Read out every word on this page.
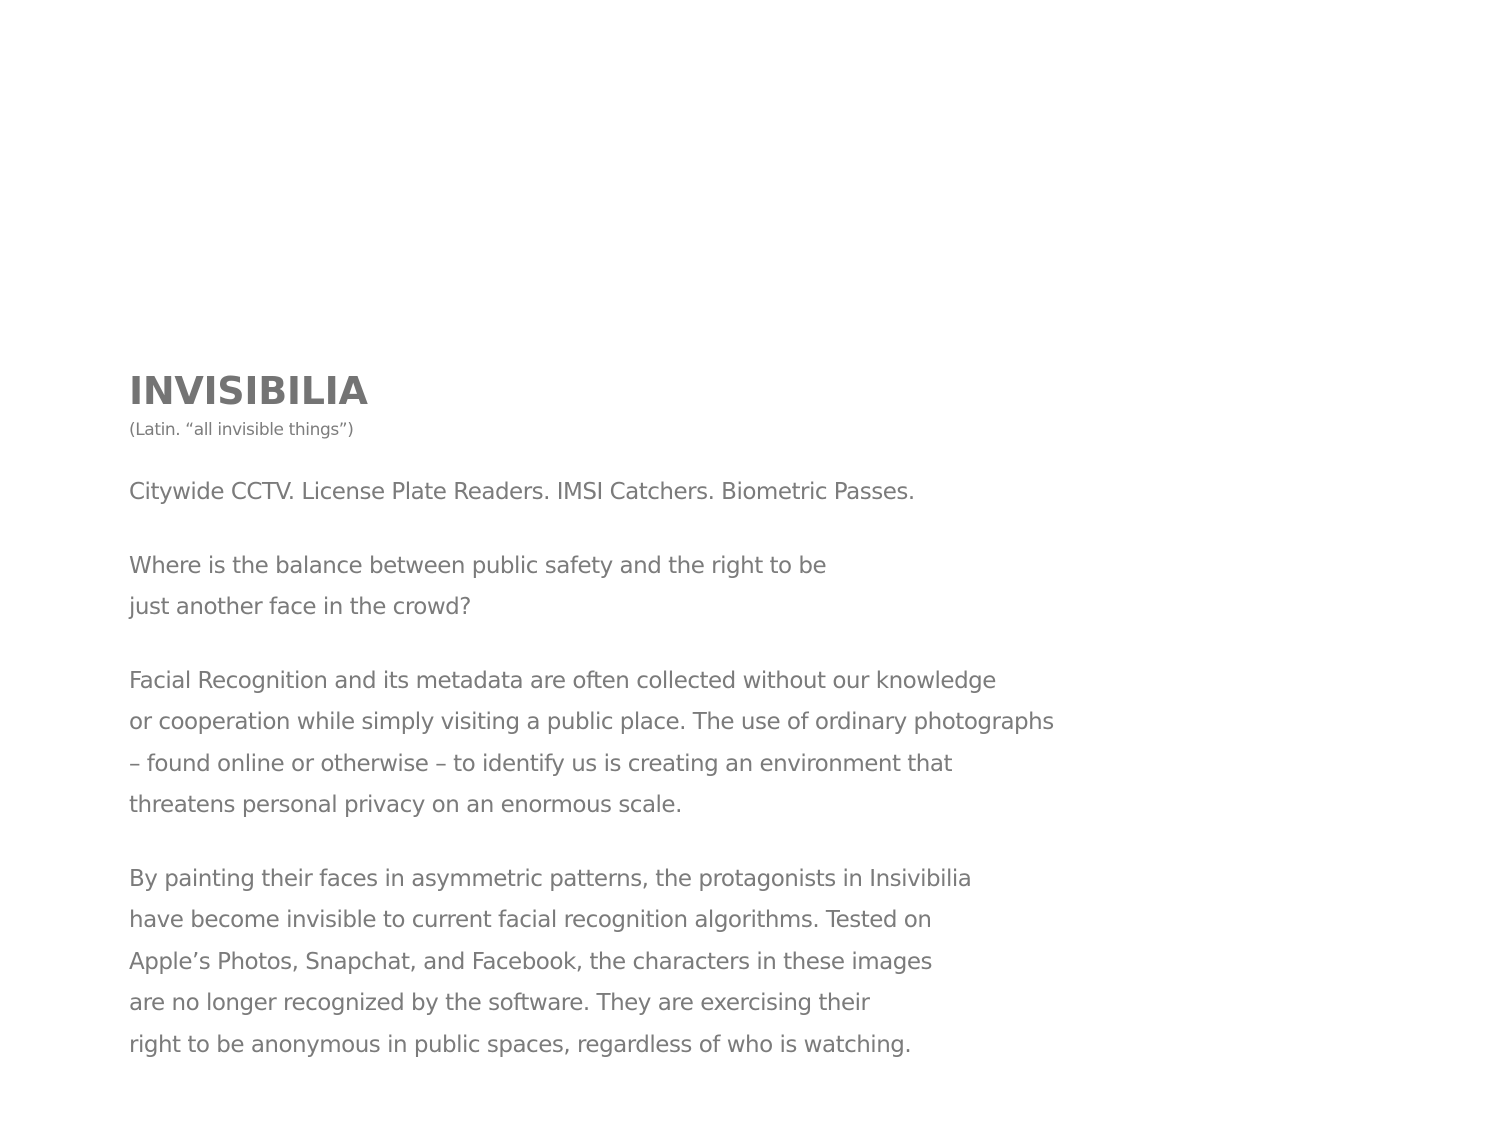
INVISIBILIA

(Latin. “all invisible things”)

Citywide CCTV. License Plate Readers. IMSI Catchers. Biometric Passes.

Where is the balance between public safety and the right to be
just another face in the crowd?

Facial Recognition and its metadata are often collected without our knowledge
or cooperation while simply visiting a public place. The use of ordinary photographs
– found online or otherwise – to identify us is creating an environment that
threatens personal privacy on an enormous scale.

By painting their faces in asymmetric patterns, the protagonists in Insivibilia
have become invisible to current facial recognition algorithms. Tested on
Apple’s Photos, Snapchat, and Facebook, the characters in these images
are no longer recognized by the software. They are exercising their
right to be anonymous in public spaces, regardless of who is watching.
